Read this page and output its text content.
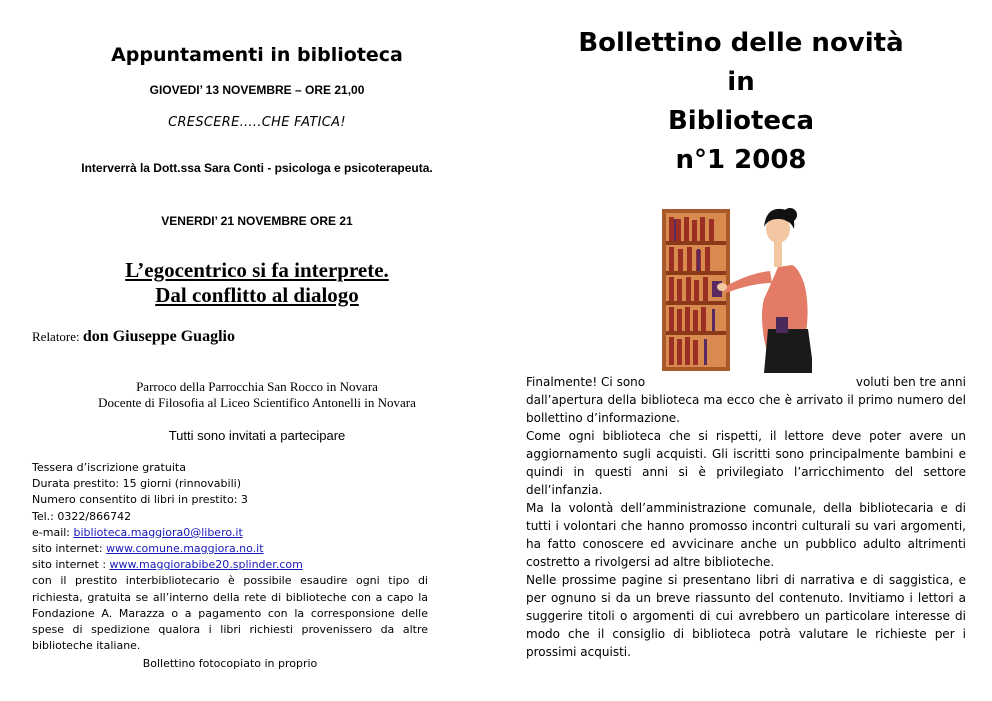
Appuntamenti in biblioteca
GIOVEDI’ 13 NOVEMBRE – ORE 21,00
CRESCERE…..CHE FATICA!
Interverrà la Dott.ssa Sara Conti - psicologa e psicoterapeuta.
VENERDI’ 21 NOVEMBRE ORE 21
L’egocentrico si fa interprete.
Dal conflitto al dialogo
Relatore: don Giuseppe Guaglio
Parroco della Parrocchia San Rocco in Novara
Docente di Filosofia al Liceo Scientifico Antonelli in Novara
Tutti sono invitati a partecipare
Tessera d’iscrizione gratuita
Durata prestito: 15 giorni (rinnovabili)
Numero consentito di libri in prestito: 3
Tel.: 0322/866742
e-mail: biblioteca.maggiora0@libero.it
sito internet: www.comune.maggiora.no.it
sito internet : www.maggiorabibe20.splinder.com
con il prestito interbibliotecario è possibile esaudire ogni tipo di richiesta, gratuita se all’interno della rete di biblioteche con a capo la Fondazione A. Marazza o a pagamento con la corresponsione delle spese di spedizione qualora i libri richiesti provenissero da altre biblioteche italiane.
Bollettino fotocopiato in proprio
Bollettino delle novità
in
Biblioteca
n°1 2008
Finalmente! Ci sono	voluti ben tre anni
dall’apertura della biblioteca ma ecco che è arrivato il primo numero del bollettino d’informazione.
Come ogni biblioteca che si rispetti, il lettore deve poter avere un aggiornamento sugli acquisti. Gli iscritti sono principalmente bambini e quindi in questi anni si è privilegiato l’arricchimento del settore dell’infanzia.
Ma la volontà dell’amministrazione comunale, della bibliotecaria e di tutti i volontari che hanno promosso incontri culturali su vari argomenti, ha fatto conoscere ed avvicinare anche un pubblico adulto altrimenti costretto a rivolgersi ad altre biblioteche.
Nelle prossime pagine si presentano libri di narrativa e di saggistica, e per ognuno si da un breve riassunto del contenuto. Invitiamo i lettori a suggerire titoli o argomenti di cui avrebbero un particolare interesse di modo che il consiglio di biblioteca potrà valutare le richieste per i prossimi acquisti.
